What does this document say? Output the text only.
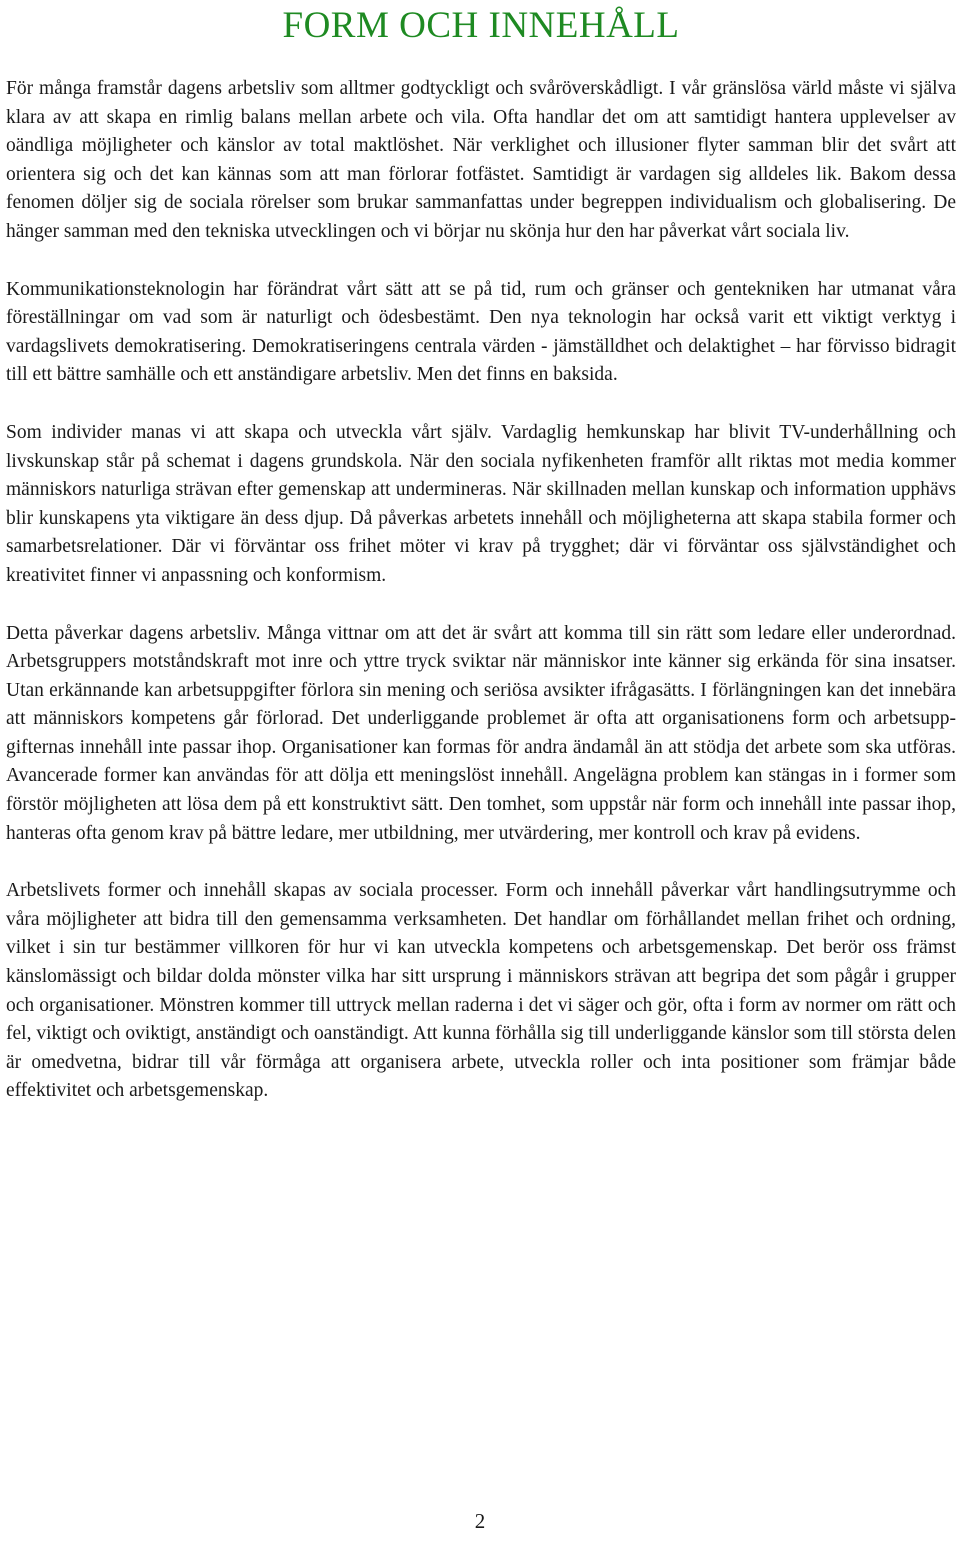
FORM OCH INNEHÅLL

För många framstår dagens arbetsliv som alltmer godtyckligt och svåröverskådligt. I vår gränslösa värld måste vi själva klara av att skapa en rimlig balans mellan arbete och vila. Ofta handlar det om att samtidigt hantera upplevelser av oändliga möjligheter och känslor av total maktlöshet. När verklighet och illusioner flyter samman blir det svårt att orientera sig och det kan kännas som att man förlorar fotfästet. Samtidigt är vardagen sig alldeles lik. Bakom dessa fenomen döljer sig de sociala rörelser som brukar sammanfattas under begreppen individualism och globalisering. De hänger samman med den tekniska utvecklingen och vi börjar nu skönja hur den har påverkat vårt sociala liv.

Kommunikationsteknologin har förändrat vårt sätt att se på tid, rum och gränser och gentekniken har utmanat våra föreställningar om vad som är naturligt och ödesbestämt. Den nya teknologin har också varit ett viktigt verktyg i vardagslivets demokratisering. Demokratiseringens centrala värden - jämställdhet och delaktighet – har förvisso bidragit till ett bättre samhälle och ett anständigare arbetsliv. Men det finns en baksida.

Som individer manas vi att skapa och utveckla vårt själv. Vardaglig hemkunskap har blivit TV-underhållning och livskunskap står på schemat i dagens grundskola. När den sociala nyfikenheten framför allt riktas mot media kommer människors naturliga strävan efter gemenskap att undermineras. När skillnaden mellan kunskap och information upphävs blir kunskapens yta viktigare än dess djup. Då påverkas arbetets innehåll och möjligheterna att skapa stabila former och samarbetsrelationer. Där vi förväntar oss frihet möter vi krav på trygghet; där vi förväntar oss självständighet och kreativitet finner vi anpassning och konformism.

Detta påverkar dagens arbetsliv. Många vittnar om att det är svårt att komma till sin rätt som ledare eller underordnad. Arbetsgruppers motståndskraft mot inre och yttre tryck sviktar när människor inte känner sig erkända för sina insatser. Utan erkännande kan arbetsuppgifter förlora sin mening och seriösa avsikter ifrågasätts. I förlängningen kan det innebära att människors kompetens går förlorad. Det underliggande problemet är ofta att organisationens form och arbetsuppgifternas innehåll inte passar ihop. Organisationer kan formas för andra ändamål än att stödja det arbete som ska utföras. Avancerade former kan användas för att dölja ett meningslöst innehåll. Angelägna problem kan stängas in i former som förstör möjligheten att lösa dem på ett konstruktivt sätt. Den tomhet, som uppstår när form och innehåll inte passar ihop, hanteras ofta genom krav på bättre ledare, mer utbildning, mer utvärdering, mer kontroll och krav på evidens.

Arbetslivets former och innehåll skapas av sociala processer. Form och innehåll påverkar vårt handlingsutrymme och våra möjligheter att bidra till den gemensamma verksamheten. Det handlar om förhållandet mellan frihet och ordning, vilket i sin tur bestämmer villkoren för hur vi kan utveckla kompetens och arbetsgemenskap. Det berör oss främst känslomässigt och bildar dolda mönster vilka har sitt ursprung i människors strävan att begripa det som pågår i grupper och organisationer. Mönstren kommer till uttryck mellan raderna i det vi säger och gör, ofta i form av normer om rätt och fel, viktigt och oviktigt, anständigt och oanständigt. Att kunna förhålla sig till underliggande känslor som till största delen är omedvetna, bidrar till vår förmåga att organisera arbete, utveckla roller och inta positioner som främjar både effektivitet och arbetsgemenskap.

2
